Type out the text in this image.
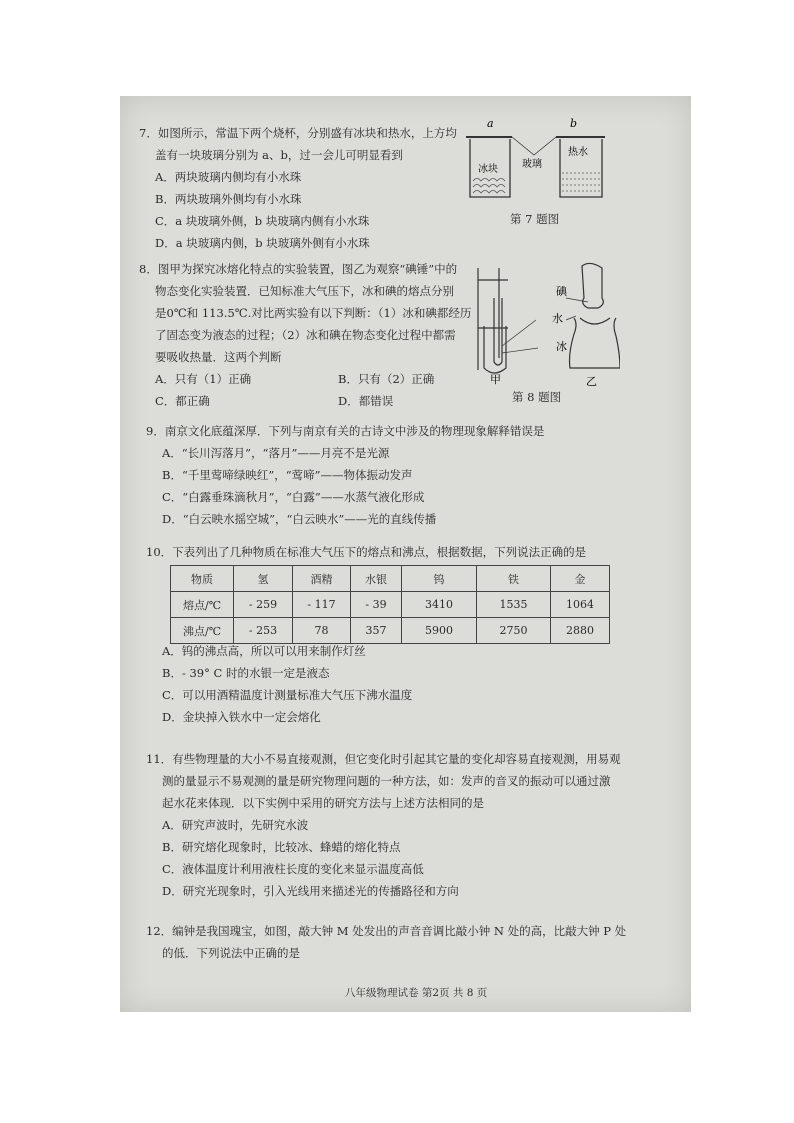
7．如图所示，常温下两个烧杯，分别盛有冰块和热水，上方均
盖有一块玻璃分别为 a、b，过一会儿可明显看到
A．两块玻璃内侧均有小水珠
B．两块玻璃外侧均有小水珠
C．a 块玻璃外侧，b 块玻璃内侧有小水珠
D．a 块玻璃内侧，b 块玻璃外侧有小水珠
a	b
冰块
热水
玻璃
第 7 题图
8．图甲为探究冰熔化特点的实验装置，图乙为观察“碘锤”中的
物态变化实验装置．已知标准大气压下，冰和碘的熔点分别
是0℃和 113.5℃.对比两实验有以下判断：（1）冰和碘都经历
了固态变为液态的过程；（2）冰和碘在物态变化过程中都需
要吸收热量．这两个判断
A．只有（1）正确	B．只有（2）正确
C．都正确	D．都错误
甲
碘
水
冰
乙
第 8 题图
9．南京文化底蕴深厚．下列与南京有关的古诗文中涉及的物理现象解释错误是
A．“长川泻落月”，“落月”——月亮不是光源
B．“千里莺啼绿映红”，“莺啼”——物体振动发声
C．“白露垂珠滴秋月”，“白露”——水蒸气液化形成
D．“白云映水摇空城”，“白云映水”——光的直线传播
10．下表列出了几种物质在标准大气压下的熔点和沸点，根据数据，下列说法正确的是
物质	氢	酒精	水银	钨	铁	金
熔点/℃	- 259	- 117	- 39	3410	1535	1064
沸点/℃	- 253	78	357	5900	2750	2880
A．钨的沸点高，所以可以用来制作灯丝
B．- 39° C 时的水银一定是液态
C．可以用酒精温度计测量标准大气压下沸水温度
D．金块掉入铁水中一定会熔化
11．有些物理量的大小不易直接观测，但它变化时引起其它量的变化却容易直接观测，用易观
测的量显示不易观测的量是研究物理问题的一种方法，如：发声的音叉的振动可以通过激
起水花来体现．以下实例中采用的研究方法与上述方法相同的是
A．研究声波时，先研究水波
B．研究熔化现象时，比较冰、蜂蜡的熔化特点
C．液体温度计利用液柱长度的变化来显示温度高低
D．研究光现象时，引入光线用来描述光的传播路径和方向
12．编钟是我国瑰宝，如图，敲大钟 M 处发出的声音音调比敲小钟 N 处的高，比敲大钟 P 处
的低．下列说法中正确的是
八年级物理试卷 第2页 共 8 页
